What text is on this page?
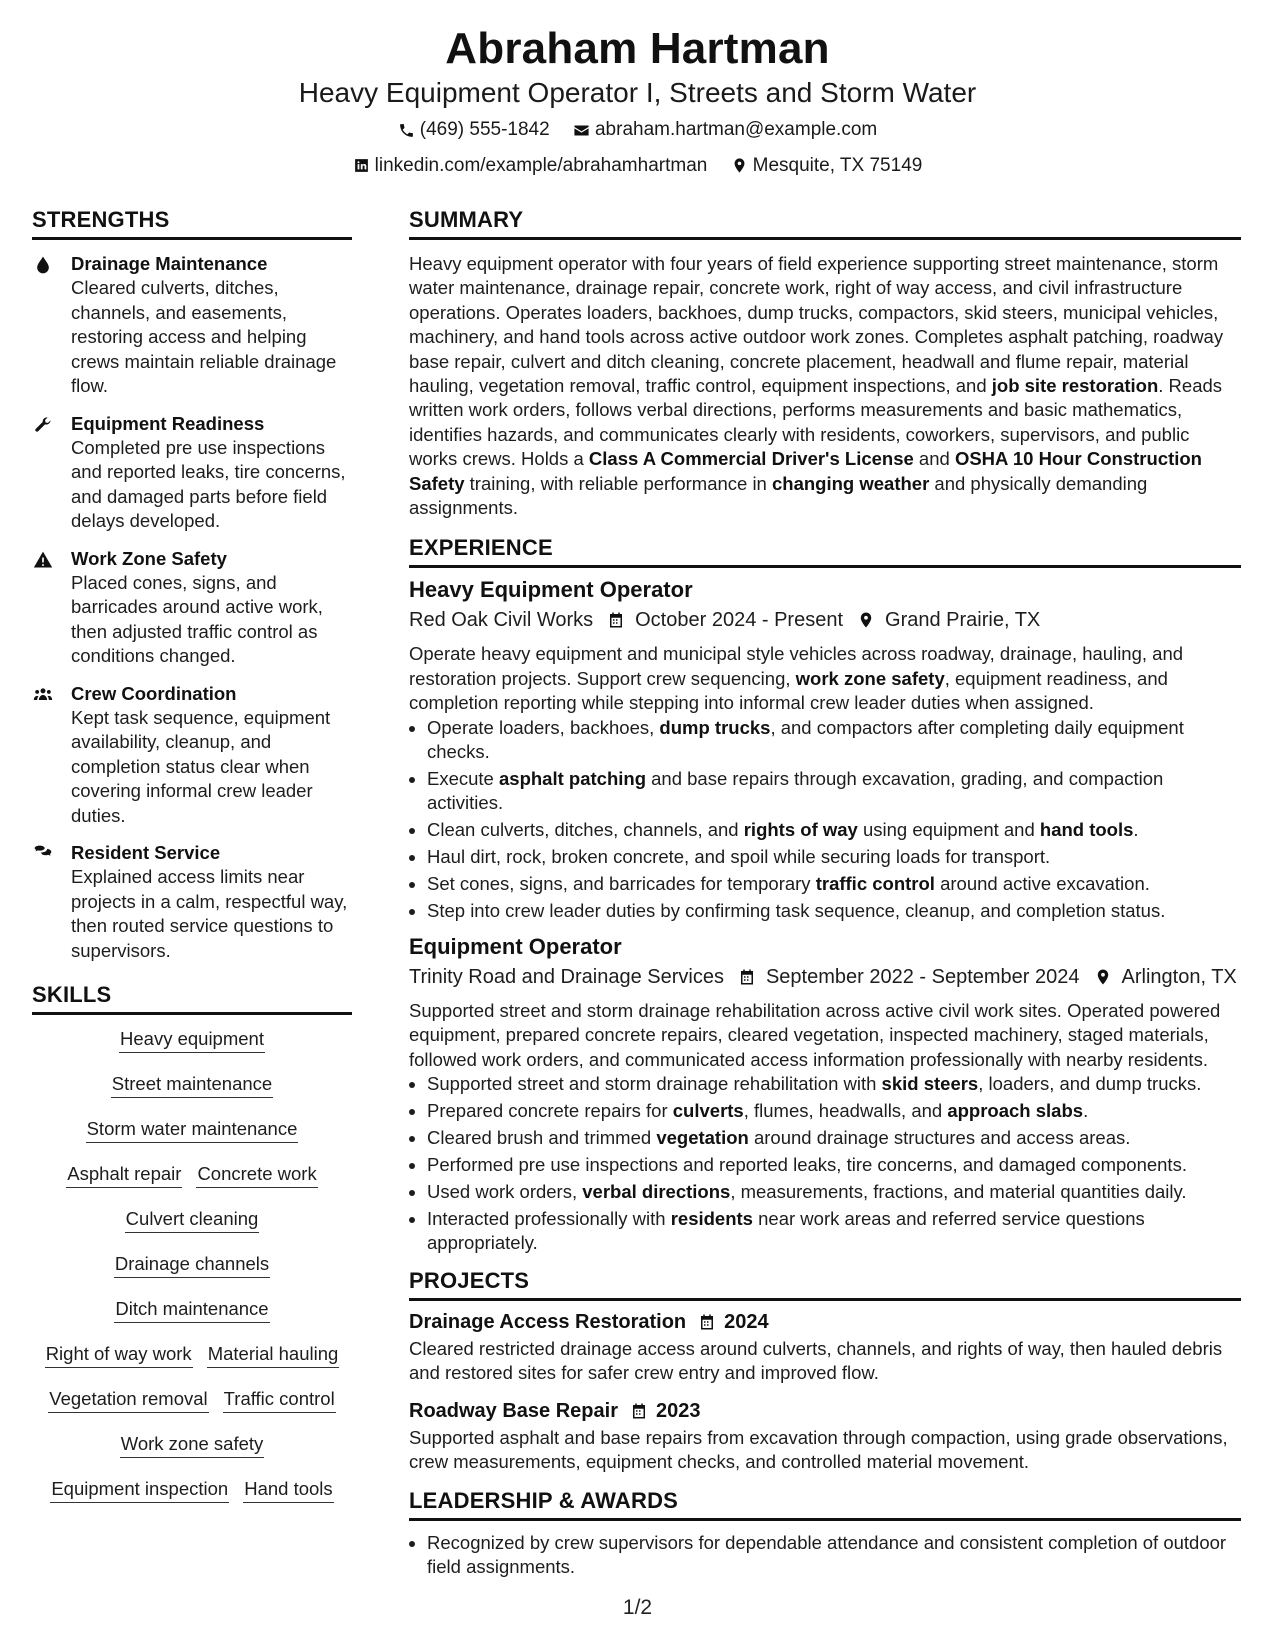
Abraham Hartman
Heavy Equipment Operator I, Streets and Storm Water
(469) 555-1842
abraham.hartman@example.com
linkedin.com/example/abrahamhartman
Mesquite, TX 75149
STRENGTHS
Drainage Maintenance
Cleared culverts, ditches, channels, and easements, restoring access and helping crews maintain reliable drainage flow.
Equipment Readiness
Completed pre use inspections and reported leaks, tire concerns, and damaged parts before field delays developed.
Work Zone Safety
Placed cones, signs, and barricades around active work, then adjusted traffic control as conditions changed.
Crew Coordination
Kept task sequence, equipment availability, cleanup, and completion status clear when covering informal crew leader duties.
Resident Service
Explained access limits near projects in a calm, respectful way, then routed service questions to supervisors.
SKILLS
Heavy equipment
Street maintenance
Storm water maintenance
Asphalt repair Concrete work
Culvert cleaning
Drainage channels
Ditch maintenance
Right of way work Material hauling
Vegetation removal Traffic control
Work zone safety
Equipment inspection Hand tools
SUMMARY
Heavy equipment operator with four years of field experience supporting street maintenance, storm water maintenance, drainage repair, concrete work, right of way access, and civil infrastructure operations. Operates loaders, backhoes, dump trucks, compactors, skid steers, municipal vehicles, machinery, and hand tools across active outdoor work zones. Completes asphalt patching, roadway base repair, culvert and ditch cleaning, concrete placement, headwall and flume repair, material hauling, vegetation removal, traffic control, equipment inspections, and job site restoration. Reads written work orders, follows verbal directions, performs measurements and basic mathematics, identifies hazards, and communicates clearly with residents, coworkers, supervisors, and public works crews. Holds a Class A Commercial Driver's License and OSHA 10 Hour Construction Safety training, with reliable performance in changing weather and physically demanding assignments.
EXPERIENCE
Heavy Equipment Operator
Red Oak Civil Works October 2024 - Present Grand Prairie, TX
Operate heavy equipment and municipal style vehicles across roadway, drainage, hauling, and restoration projects. Support crew sequencing, work zone safety, equipment readiness, and completion reporting while stepping into informal crew leader duties when assigned.
• Operate loaders, backhoes, dump trucks, and compactors after completing daily equipment checks.
• Execute asphalt patching and base repairs through excavation, grading, and compaction activities.
• Clean culverts, ditches, channels, and rights of way using equipment and hand tools.
• Haul dirt, rock, broken concrete, and spoil while securing loads for transport.
• Set cones, signs, and barricades for temporary traffic control around active excavation.
• Step into crew leader duties by confirming task sequence, cleanup, and completion status.
Equipment Operator
Trinity Road and Drainage Services September 2022 - September 2024 Arlington, TX
Supported street and storm drainage rehabilitation across active civil work sites. Operated powered equipment, prepared concrete repairs, cleared vegetation, inspected machinery, staged materials, followed work orders, and communicated access information professionally with nearby residents.
• Supported street and storm drainage rehabilitation with skid steers, loaders, and dump trucks.
• Prepared concrete repairs for culverts, flumes, headwalls, and approach slabs.
• Cleared brush and trimmed vegetation around drainage structures and access areas.
• Performed pre use inspections and reported leaks, tire concerns, and damaged components.
• Used work orders, verbal directions, measurements, fractions, and material quantities daily.
• Interacted professionally with residents near work areas and referred service questions appropriately.
PROJECTS
Drainage Access Restoration 2024
Cleared restricted drainage access around culverts, channels, and rights of way, then hauled debris and restored sites for safer crew entry and improved flow.
Roadway Base Repair 2023
Supported asphalt and base repairs from excavation through compaction, using grade observations, crew measurements, equipment checks, and controlled material movement.
LEADERSHIP & AWARDS
• Recognized by crew supervisors for dependable attendance and consistent completion of outdoor field assignments.
1/2
